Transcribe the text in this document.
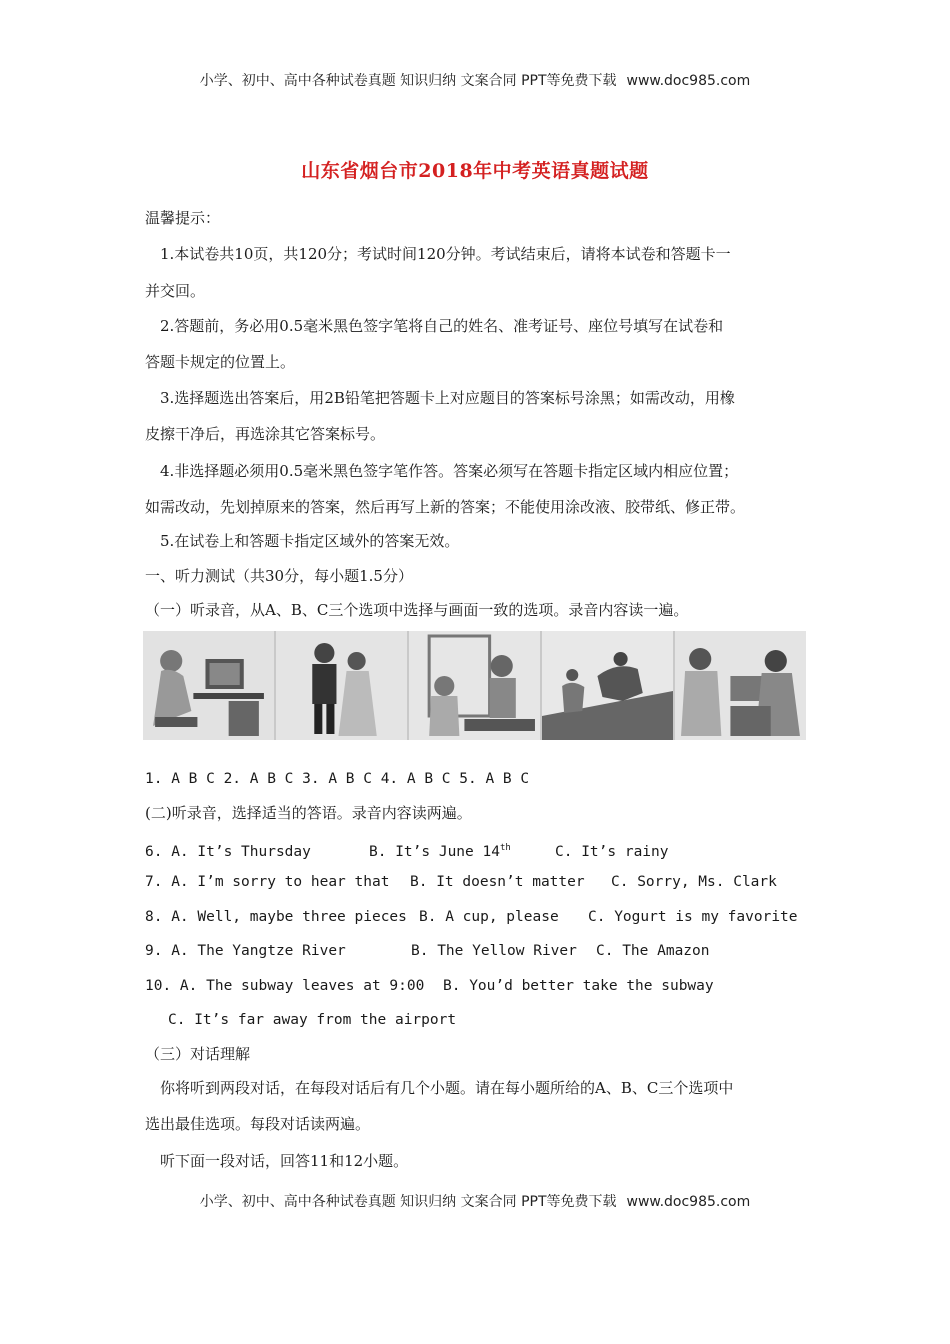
小学、初中、高中各种试卷真题 知识归纳 文案合同 PPT等免费下载 www.doc985.com
山东省烟台市2018年中考英语真题试题
温馨提示：
1.本试卷共10页，共120分；考试时间120分钟。考试结束后，请将本试卷和答题卡一
并交回。
2.答题前，务必用0.5毫米黑色签字笔将自己的姓名、准考证号、座位号填写在试卷和
答题卡规定的位置上。
3.选择题选出答案后，用2B铅笔把答题卡上对应题目的答案标号涂黑；如需改动，用橡
皮擦干净后，再选涂其它答案标号。
4.非选择题必须用0.5毫米黑色签字笔作答。答案必须写在答题卡指定区域内相应位置；
如需改动，先划掉原来的答案，然后再写上新的答案；不能使用涂改液、胶带纸、修正带。
5.在试卷上和答题卡指定区域外的答案无效。
一、听力测试（共30分，每小题1.5分）
（一）听录音，从A、B、C三个选项中选择与画面一致的选项。录音内容读一遍。
1. A B C 2. A B C 3. A B C 4. A B C 5. A B C
(二)听录音，选择适当的答语。录音内容读两遍。
6. A. It’s Thursday	B. It’s June 14th	C. It’s rainy
7. A. I’m sorry to hear that B. It doesn’t matter C. Sorry, Ms. Clark
8. A. Well, maybe three pieces B. A cup, please C. Yogurt is my favorite
9. A. The Yangtze River	B. The Yellow River C. The Amazon
10. A. The subway leaves at 9:00 B. You’d better take the subway
C. It’s far away from the airport
（三）对话理解
你将听到两段对话，在每段对话后有几个小题。请在每小题所给的A、B、C三个选项中
选出最佳选项。每段对话读两遍。
听下面一段对话，回答11和12小题。
小学、初中、高中各种试卷真题 知识归纳 文案合同 PPT等免费下载 www.doc985.com
